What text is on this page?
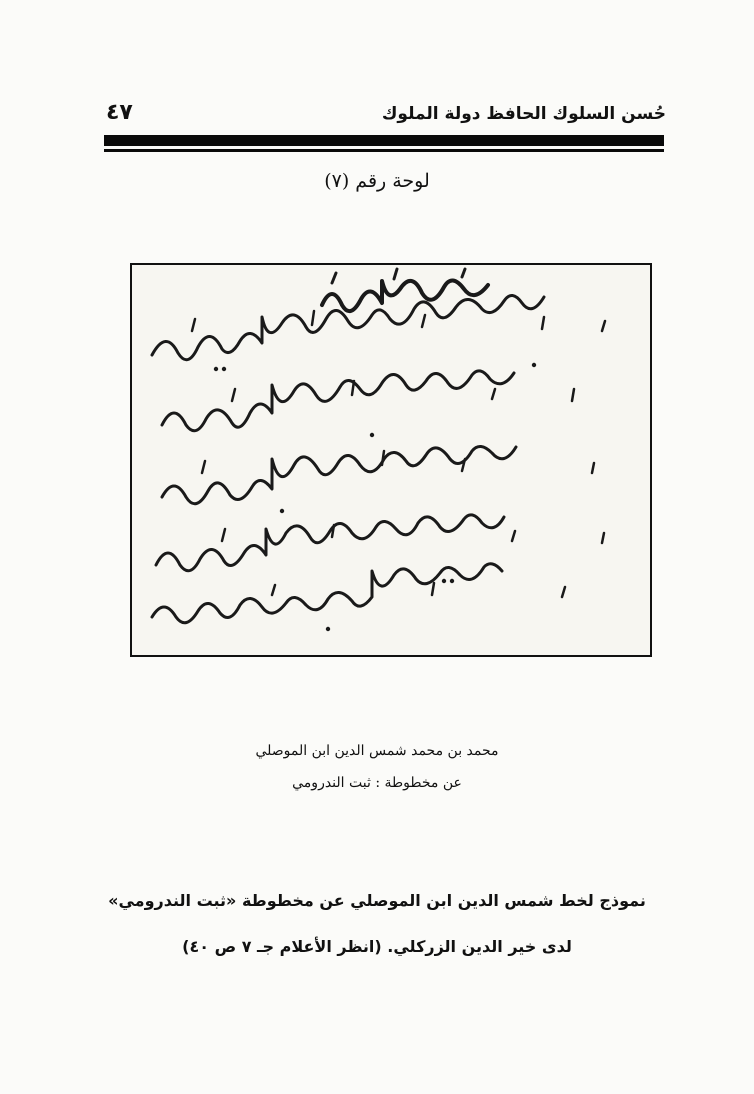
حُسن السلوك الحافظ دولة الملوك
٤٧
لوحة رقم (٧)
محمد بن محمد شمس الدين ابن الموصلي
عن مخطوطة : ثبت الندرومي
نموذج لخط شمس الدين ابن الموصلي عن مخطوطة «ثبت الندرومي»
لدى خير الدين الزركلي. (انظر الأعلام جـ ٧ ص ٤٠)
